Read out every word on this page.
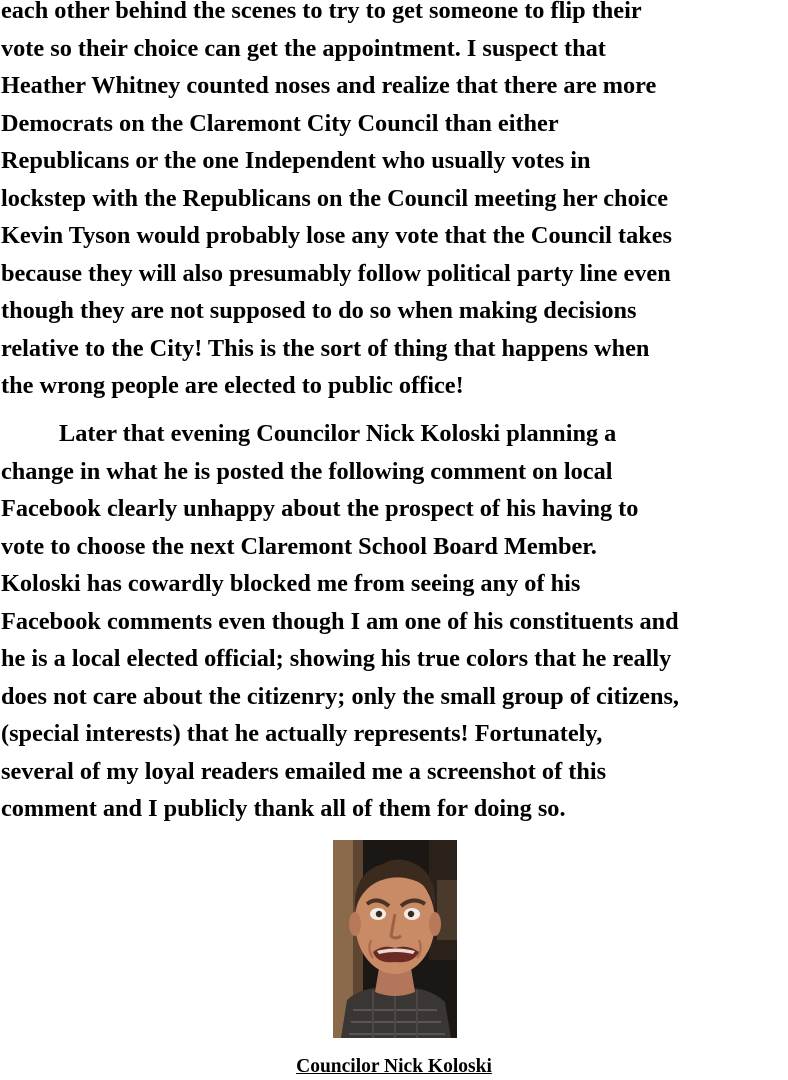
each other behind the scenes to try to get someone to flip their
vote so their choice can get the appointment. I suspect that
Heather Whitney counted noses and realize that there are more
Democrats on the Claremont City Council than either
Republicans or the one Independent who usually votes in
lockstep with the Republicans on the Council meeting her choice
Kevin Tyson would probably lose any vote that the Council takes
because they will also presumably follow political party line even
though they are not supposed to do so when making decisions
relative to the City! This is the sort of thing that happens when
the wrong people are elected to public office!

Later that evening Councilor Nick Koloski planning a
change in what he is posted the following comment on local
Facebook clearly unhappy about the prospect of his having to
vote to choose the next Claremont School Board Member.
Koloski has cowardly blocked me from seeing any of his
Facebook comments even though I am one of his constituents and
he is a local elected official; showing his true colors that he really
does not care about the citizenry; only the small group of citizens,
(special interests) that he actually represents! Fortunately,
several of my loyal readers emailed me a screenshot of this
comment and I publicly thank all of them for doing so.

Councilor Nick Koloski
